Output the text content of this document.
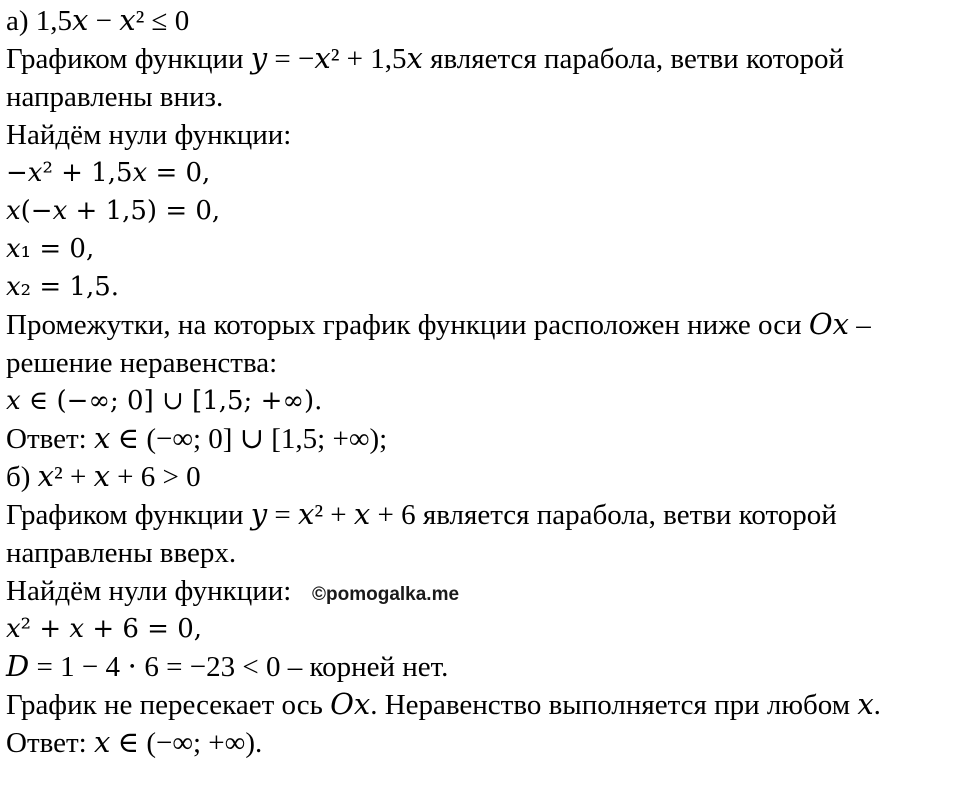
а) 1,5𝑥 − 𝑥² ≤ 0
Графиком функции 𝑦 = −𝑥² + 1,5𝑥 является парабола, ветви которой
направлены вниз.
Найдём нули функции:
−𝑥² + 1,5𝑥 = 0,
𝑥(−𝑥 + 1,5) = 0,
𝑥₁ = 0,
𝑥₂ = 1,5.
Промежутки, на которых график функции расположен ниже оси 𝑂𝑥 –
решение неравенства:
𝑥 ∈ (−∞; 0] ∪ [1,5; +∞).
Ответ: 𝑥 ∈ (−∞; 0] ∪ [1,5; +∞);
б) 𝑥² + 𝑥 + 6 > 0
Графиком функции 𝑦 = 𝑥² + 𝑥 + 6 является парабола, ветви которой
направлены вверх.
Найдём нули функции:
𝑥² + 𝑥 + 6 = 0,
𝐷 = 1 − 4 ⋅ 6 = −23 < 0 – корней нет.
График не пересекает ось 𝑂𝑥. Неравенство выполняется при любом 𝑥.
Ответ: 𝑥 ∈ (−∞; +∞).
©pomogalka.me
